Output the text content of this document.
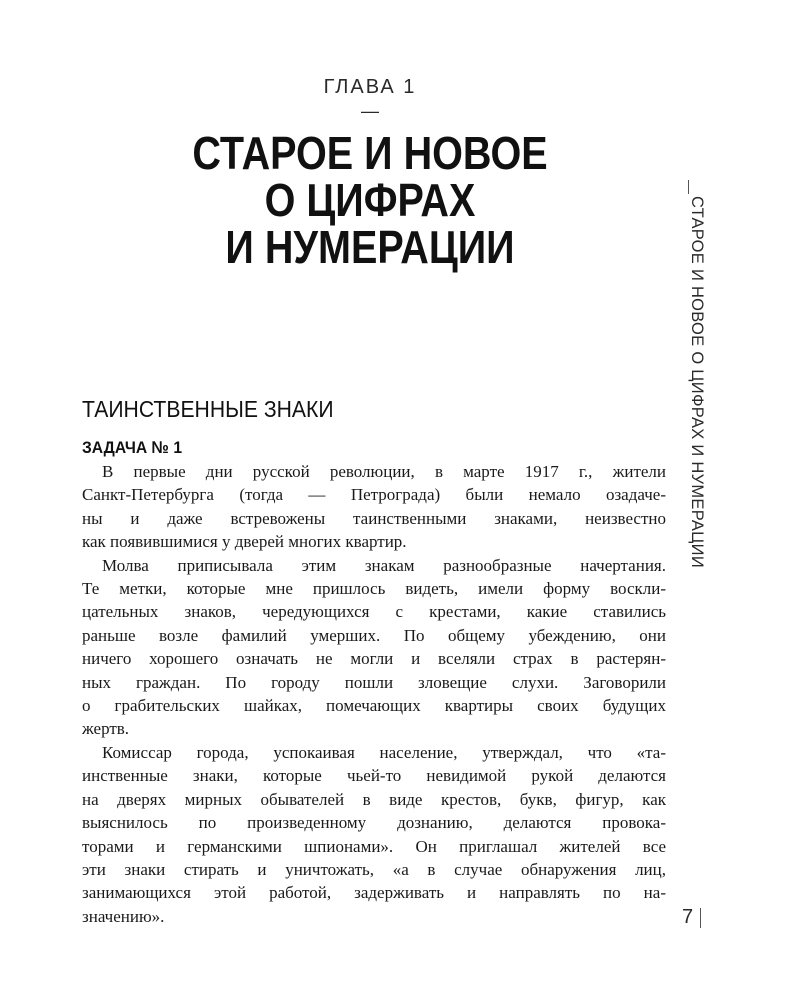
ГЛАВА 1
—
СТАРОЕ И НОВОЕ
О ЦИФРАХ
И НУМЕРАЦИИ	СТАРОЕ И НОВОЕ О ЦИФРАХ И НУМЕРАЦИИ
ТАИНСТВЕННЫЕ ЗНАКИ
ЗАДАЧА № 1

В первые дни русской революции, в марте 1917 г., жители
Санкт-Петербурга (тогда — Петрограда) были немало озадаче-
ны и даже встревожены таинственными знаками, неизвестно
как появившимися у дверей многих квартир.

Молва приписывала этим знакам разнообразные начертания.
Те метки, которые мне пришлось видеть, имели форму воскли-
цательных знаков, чередующихся с крестами, какие ставились
раньше возле фамилий умерших. По общему убеждению, они
ничего хорошего означать не могли и вселяли страх в растерян-
ных граждан. По городу пошли зловещие слухи. Заговорили
о грабительских шайках, помечающих квартиры своих будущих
жертв.

Комиссар города, успокаивая население, утверждал, что «та-
инственные знаки, которые чьей-то невидимой рукой делаются
на дверях мирных обывателей в виде крестов, букв, фигур, как
выяснилось по произведенному дознанию, делаются провока-
торами и германскими шпионами». Он приглашал жителей все
эти знаки стирать и уничтожать, «а в случае обнаружения лиц,
занимающихся этой работой, задерживать и направлять по на-
значению».	7
